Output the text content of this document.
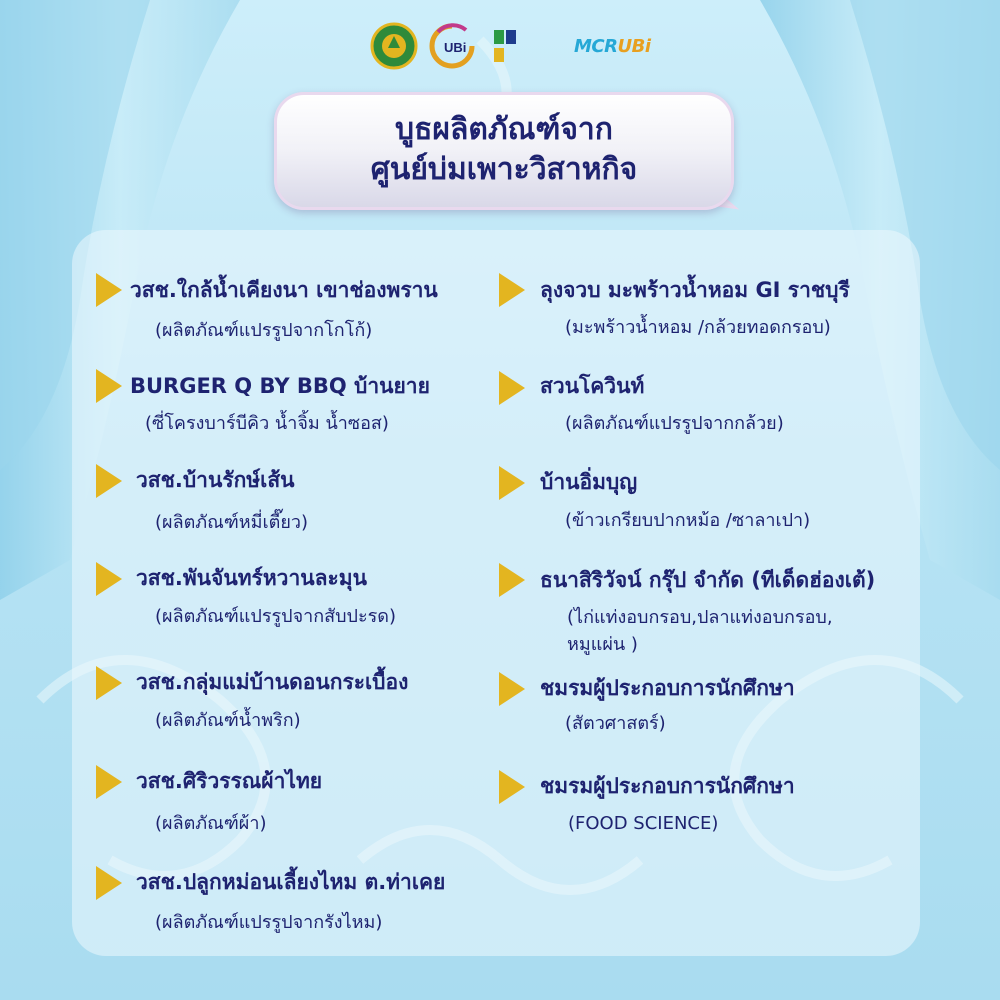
UBi	MCRUBi
บูธผลิตภัณฑ์จาก
ศูนย์บ่มเพาะวิสาหกิจ
วสช.ใกล้น้ำเคียงนา เขาช่องพราน
(ผลิตภัณฑ์แปรรูปจากโกโก้)
BURGER Q BY BBQ บ้านยาย
(ซี่โครงบาร์บีคิว น้ำจิ้ม น้ำซอส)
วสช.บ้านรักษ์เส้น
(ผลิตภัณฑ์หมี่เตี๊ยว)
วสช.พันจันทร์หวานละมุน
(ผลิตภัณฑ์แปรรูปจากสับปะรด)
วสช.กลุ่มแม่บ้านดอนกระเบื้อง
(ผลิตภัณฑ์น้ำพริก)
วสช.ศิริวรรณผ้าไทย
(ผลิตภัณฑ์ผ้า)
วสช.ปลูกหม่อนเลี้ยงไหม ต.ท่าเคย
(ผลิตภัณฑ์แปรรูปจากรังไหม)
ลุงจวบ มะพร้าวน้ำหอม GI ราชบุรี
(มะพร้าวน้ำหอม /กล้วยทอดกรอบ)
สวนโควินท์
(ผลิตภัณฑ์แปรรูปจากกล้วย)
บ้านอิ่มบุญ
(ข้าวเกรียบปากหม้อ /ซาลาเปา)
ธนาสิริวัจน์ กรุ๊ป จำกัด (ทีเด็ดฮ่องเต้)
(ไก่แท่งอบกรอบ,ปลาแท่งอบกรอบ,
หมูแผ่น )
ชมรมผู้ประกอบการนักศึกษา
(สัตวศาสตร์)
ชมรมผู้ประกอบการนักศึกษา
(FOOD SCIENCE)
